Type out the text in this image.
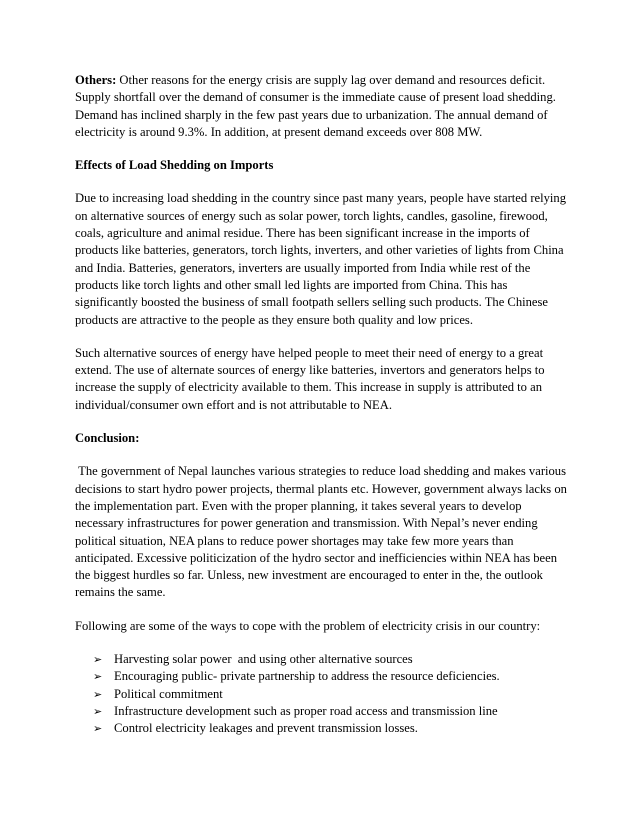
Others: Other reasons for the energy crisis are supply lag over demand and resources deficit. Supply shortfall over the demand of consumer is the immediate cause of present load shedding. Demand has inclined sharply in the few past years due to urbanization. The annual demand of electricity is around 9.3%. In addition, at present demand exceeds over 808 MW.

Effects of Load Shedding on Imports

Due to increasing load shedding in the country since past many years, people have started relying on alternative sources of energy such as solar power, torch lights, candles, gasoline, firewood, coals, agriculture and animal residue. There has been significant increase in the imports of products like batteries, generators, torch lights, inverters, and other varieties of lights from China and India. Batteries, generators, inverters are usually imported from India while rest of the products like torch lights and other small led lights are imported from China. This has significantly boosted the business of small footpath sellers selling such products. The Chinese products are attractive to the people as they ensure both quality and low prices.

Such alternative sources of energy have helped people to meet their need of energy to a great extend. The use of alternate sources of energy like batteries, invertors and generators helps to increase the supply of electricity available to them. This increase in supply is attributed to an individual/consumer own effort and is not attributable to NEA.

Conclusion:

The government of Nepal launches various strategies to reduce load shedding and makes various decisions to start hydro power projects, thermal plants etc. However, government always lacks on the implementation part. Even with the proper planning, it takes several years to develop necessary infrastructures for power generation and transmission. With Nepal’s never ending political situation, NEA plans to reduce power shortages may take few more years than anticipated. Excessive politicization of the hydro sector and inefficiencies within NEA has been the biggest hurdles so far. Unless, new investment are encouraged to enter in the, the outlook remains the same.

Following are some of the ways to cope with the problem of electricity crisis in our country:

➢ Harvesting solar power  and using other alternative sources
➢ Encouraging public- private partnership to address the resource deficiencies.
➢ Political commitment
➢ Infrastructure development such as proper road access and transmission line
➢ Control electricity leakages and prevent transmission losses.
